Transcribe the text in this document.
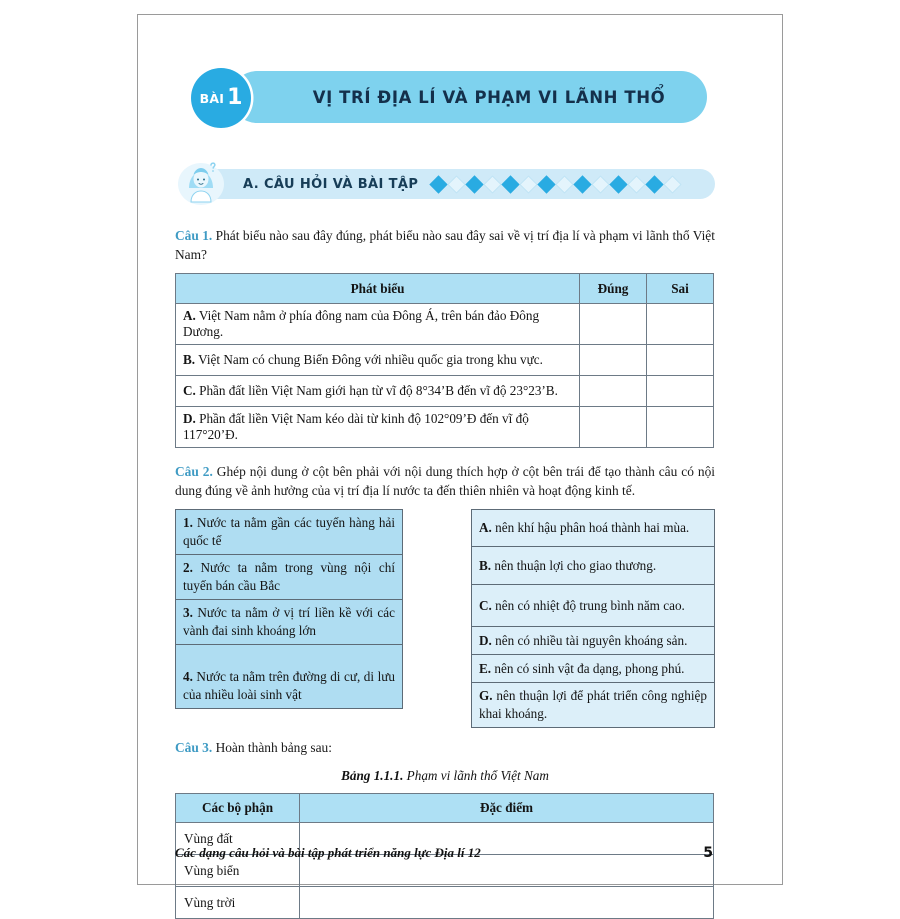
VỊ TRÍ ĐỊA LÍ VÀ PHẠM VI LÃNH THỔ
BÀI 1
A. CÂU HỎI VÀ BÀI TẬP
Câu 1. Phát biểu nào sau đây đúng, phát biểu nào sau đây sai về vị trí địa lí và phạm vi lãnh thổ Việt Nam?
Phát biểu	Đúng	Sai
A. Việt Nam nằm ở phía đông nam của Đông Á, trên bán đảo Đông Dương.		
B. Việt Nam có chung Biển Đông với nhiều quốc gia trong khu vực.		
C. Phần đất liền Việt Nam giới hạn từ vĩ độ 8°34’B đến vĩ độ 23°23’B.		
D. Phần đất liền Việt Nam kéo dài từ kinh độ 102°09’Đ đến vĩ độ 117°20’Đ.		
Câu 2. Ghép nội dung ở cột bên phải với nội dung thích hợp ở cột bên trái để tạo thành câu có nội dung đúng về ảnh hưởng của vị trí địa lí nước ta đến thiên nhiên và hoạt động kinh tế.
1. Nước ta nằm gần các tuyến hàng hải quốc tế
2. Nước ta nằm trong vùng nội chí tuyến bán cầu Bắc
3. Nước ta nằm ở vị trí liền kề với các vành đai sinh khoáng lớn
4. Nước ta nằm trên đường di cư, di lưu của nhiều loài sinh vật
A. nên khí hậu phân hoá thành hai mùa.
B. nên thuận lợi cho giao thương.
C. nên có nhiệt độ trung bình năm cao.
D. nên có nhiều tài nguyên khoáng sản.
E. nên có sinh vật đa dạng, phong phú.
G. nên thuận lợi để phát triển công nghiệp khai khoáng.
Câu 3. Hoàn thành bảng sau:
Bảng 1.1.1. Phạm vi lãnh thổ Việt Nam
Các bộ phận	Đặc điểm
Vùng đất	
Vùng biển	
Vùng trời	
Các dạng câu hỏi và bài tập phát triển năng lực Địa lí 12	5
